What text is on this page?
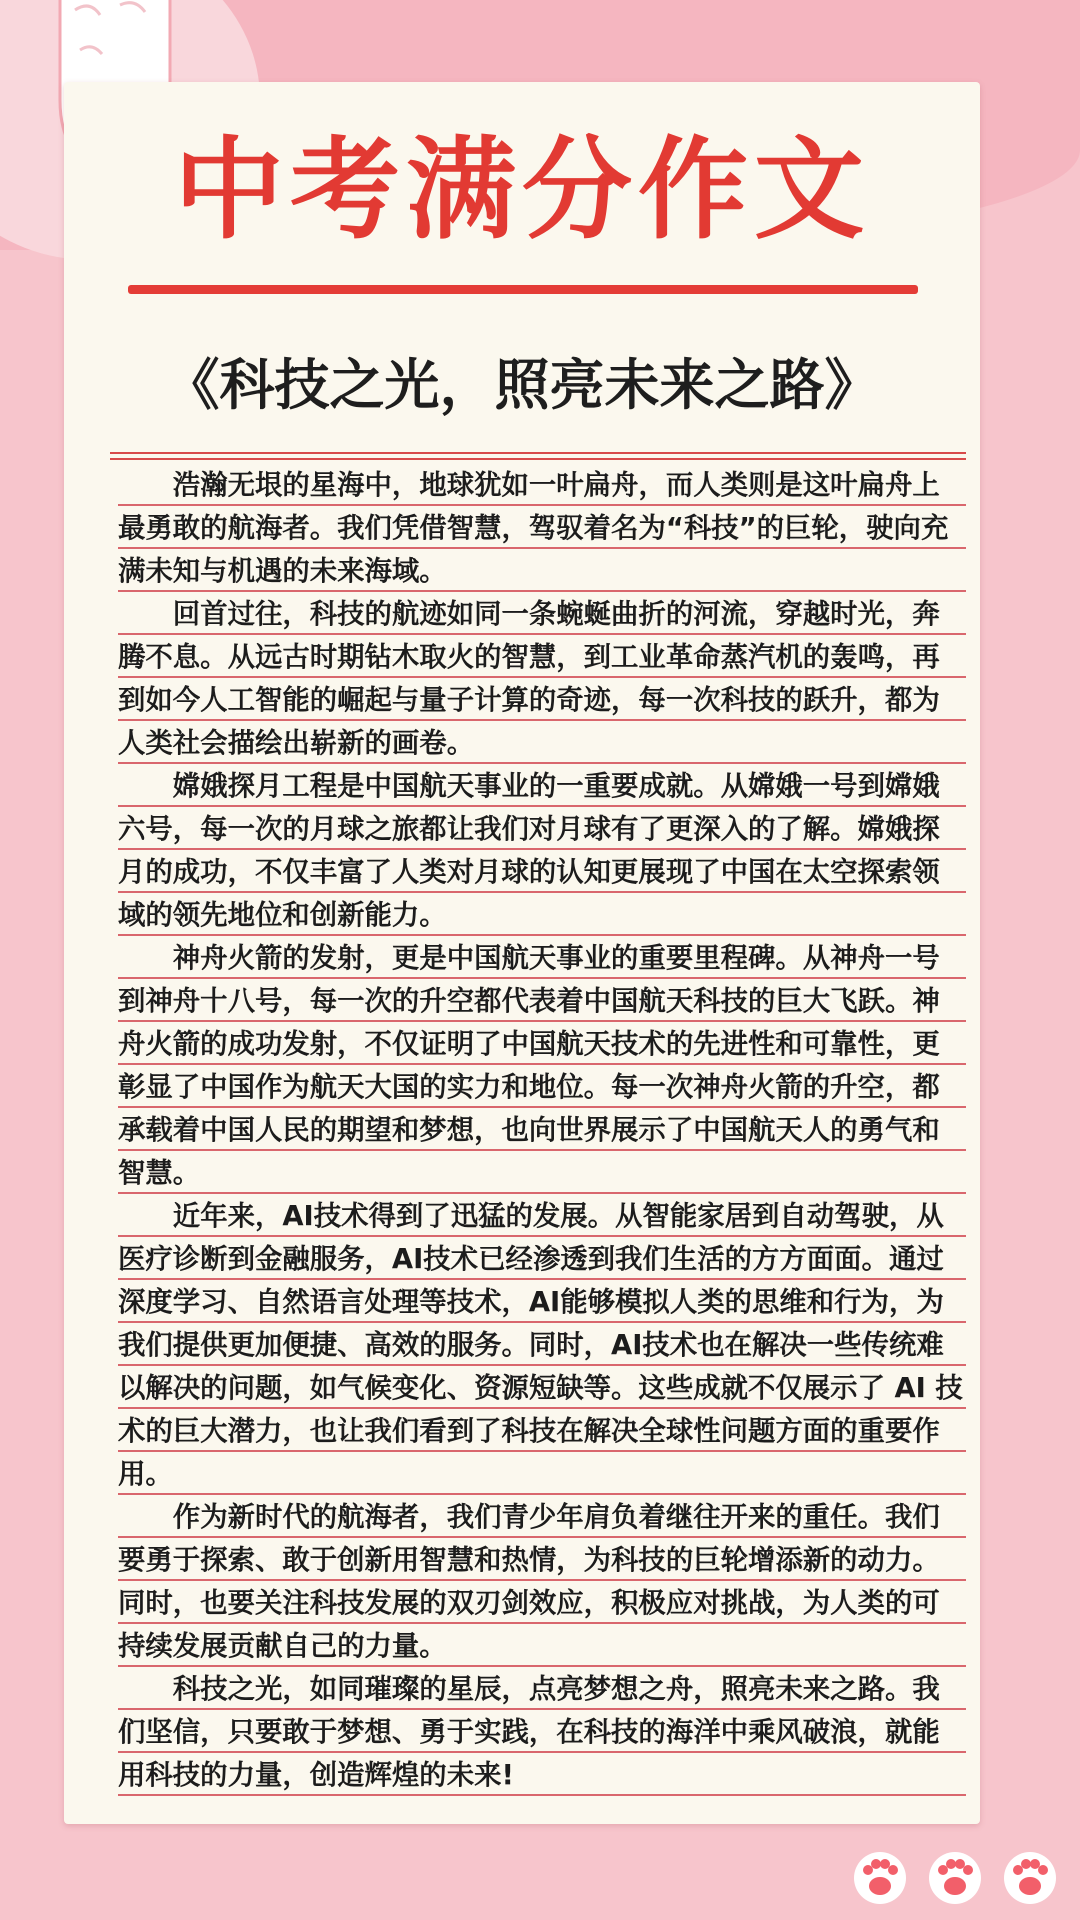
中考满分作文
《科技之光，照亮未来之路》

浩瀚无垠的星海中，地球犹如一叶扁舟，而人类则是这叶扁舟上最勇敢的航海者。我们凭借智慧，驾驭着名为“科技”的巨轮，驶向充满未知与机遇的未来海域。

回首过往，科技的航迹如同一条蜿蜒曲折的河流，穿越时光，奔腾不息。从远古时期钻木取火的智慧，到工业革命蒸汽机的轰鸣，再到如今人工智能的崛起与量子计算的奇迹，每一次科技的跃升，都为人类社会描绘出崭新的画卷。

嫦娥探月工程是中国航天事业的一重要成就。从嫦娥一号到嫦娥六号，每一次的月球之旅都让我们对月球有了更深入的了解。嫦娥探月的成功，不仅丰富了人类对月球的认知更展现了中国在太空探索领域的领先地位和创新能力。

神舟火箭的发射，更是中国航天事业的重要里程碑。从神舟一号到神舟十八号，每一次的升空都代表着中国航天科技的巨大飞跃。神舟火箭的成功发射，不仅证明了中国航天技术的先进性和可靠性，更彰显了中国作为航天大国的实力和地位。每一次神舟火箭的升空，都承载着中国人民的期望和梦想，也向世界展示了中国航天人的勇气和智慧。

近年来，AI技术得到了迅猛的发展。从智能家居到自动驾驶，从医疗诊断到金融服务，AI技术已经渗透到我们生活的方方面面。通过深度学习、自然语言处理等技术，AI能够模拟人类的思维和行为，为我们提供更加便捷、高效的服务。同时，AI技术也在解决一些传统难以解决的问题，如气候变化、资源短缺等。这些成就不仅展示了 AI 技术的巨大潜力，也让我们看到了科技在解决全球性问题方面的重要作用。

作为新时代的航海者，我们青少年肩负着继往开来的重任。我们要勇于探索、敢于创新用智慧和热情，为科技的巨轮增添新的动力。同时，也要关注科技发展的双刃剑效应，积极应对挑战，为人类的可持续发展贡献自己的力量。

科技之光，如同璀璨的星辰，点亮梦想之舟，照亮未来之路。我们坚信，只要敢于梦想、勇于实践，在科技的海洋中乘风破浪，就能用科技的力量，创造辉煌的未来!
